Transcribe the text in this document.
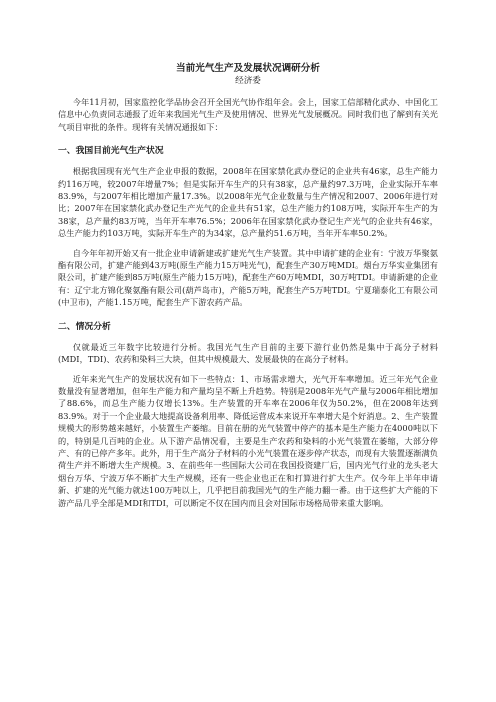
当前光气生产及发展状况调研分析

经济委

今年11月初，国家监控化学品协会召开全国光气协作组年会。会上，国家工信部精化武办、中国化工信息中心负责同志通报了近年来我国光气生产及使用情况、世界光气发展概况。同时我们也了解到有关光气项目审批的条件。现将有关情况通报如下：

一、我国目前光气生产状况

根据我国现有光气生产企业申报的数据，2008年在国家禁化武办登记的企业共有46家，总生产能力约116万吨，较2007年增量7%；但是实际开车生产的只有38家，总产量约97.3万吨，企业实际开车率83.9%，与2007年相比增加产量17.3%。以2008年光气企业数量与生产情况和2007、2006年进行对比；2007年在国家禁化武办登记生产光气的企业共有51家，总生产能力约108万吨，实际开车生产的为38家，总产量约83万吨，当年开车率76.5%；2006年在国家禁化武办登记生产光气的企业共有46家，总生产能力约103万吨，实际开车生产的为34家，总产量约51.6万吨，当年开车率50.2%。

自今年年初开始又有一批企业申请新建或扩建光气生产装置。其中申请扩建的企业有：宁波万华聚氨酯有限公司，扩建产能到43万吨(原生产能力15万吨光气)，配套生产30万吨MDI。烟台万华实业集团有限公司，扩建产能到85万吨(原生产能力15万吨)，配套生产60万吨MDI，30万吨TDI。申请新建的企业有：辽宁北方锦化聚氨酯有限公司(葫芦岛市)，产能5万吨，配套生产5万吨TDI。宁夏瑞泰化工有限公司(中卫市)，产能1.15万吨，配套生产下游农药产品。

二、情况分析

仅就最近三年数字比较进行分析。我国光气生产目前的主要下游行业仍然是集中于高分子材料(MDI，TDI)、农药和染料三大块，但其中规模最大、发展最快的在高分子材料。

近年来光气生产的发展状况有如下一些特点：1、市场需求增大，光气开车率增加。近三年光气企业数量没有显著增加，但年生产能力和产量均呈不断上升趋势。特别是2008年光气产量与2006年相比增加了88.6%，而总生产能力仅增长13%。生产装置的开车率在2006年仅为50.2%，但在2008年达到83.9%。对于一个企业最大地提高设备利用率、降低运营成本来说开车率增大是个好消息。2、生产装置规模大的形势越来越好，小装置生产萎缩。目前在册的光气装置中停产的基本是生产能力在4000吨以下的，特别是几百吨的企业。从下游产品情况看，主要是生产农药和染料的小光气装置在萎缩，大部分停产、有的已停产多年。此外，用于生产高分子材料的小光气装置在逐步停产状态，而现有大装置逐渐满负荷生产并不断增大生产规模。3、在前些年一些国际大公司在我国投资建厂后，国内光气行业的龙头老大烟台万华、宁波万华不断扩大生产规模，还有一些企业也正在和打算进行扩大生产。仅今年上半年申请新、扩建的光气能力就达100万吨以上，几乎把目前我国光气的生产能力翻一番。由于这些扩大产能的下游产品几乎全部是MDI和TDI，可以断定不仅在国内而且会对国际市场格局带来重大影响。
